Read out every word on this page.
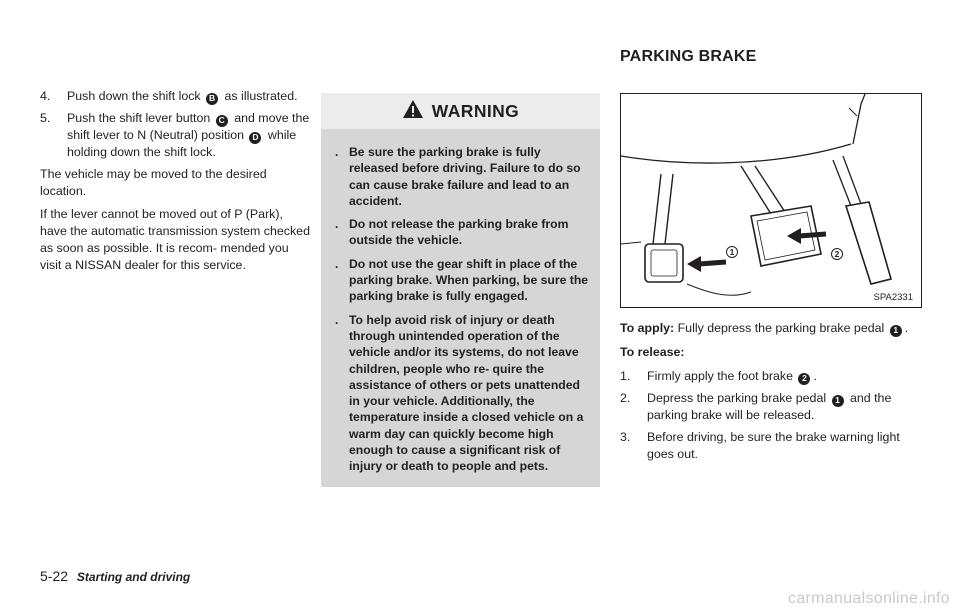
PARKING BRAKE
4.	Push down the shift lock B as illustrated.
5.	Push the shift lever button C and move the shift lever to N (Neutral) position D while holding down the shift lock.

The vehicle may be moved to the desired location.

If the lever cannot be moved out of P (Park), have the automatic transmission system checked as soon as possible. It is recom- mended you visit a NISSAN dealer for this service.

WARNING
. Be sure the parking brake is fully released before driving. Failure to do so can cause brake failure and lead to an accident.
. Do not release the parking brake from outside the vehicle.
. Do not use the gear shift in place of the parking brake. When parking, be sure the parking brake is fully engaged.
. To help avoid risk of injury or death through unintended operation of the vehicle and/or its systems, do not leave children, people who re- quire the assistance of others or pets unattended in your vehicle. Additionally, the temperature inside a closed vehicle on a warm day can quickly become high enough to cause a significant risk of injury or death to people and pets.
1	2
SPA2331

To apply: Fully depress the parking brake pedal 1 .

To release:

1.	Firmly apply the foot brake 2 .
2.	Depress the parking brake pedal 1 and the parking brake will be released.
3.	Before driving, be sure the brake warning light goes out.
5-22 Starting and driving
carmanualsonline.info
